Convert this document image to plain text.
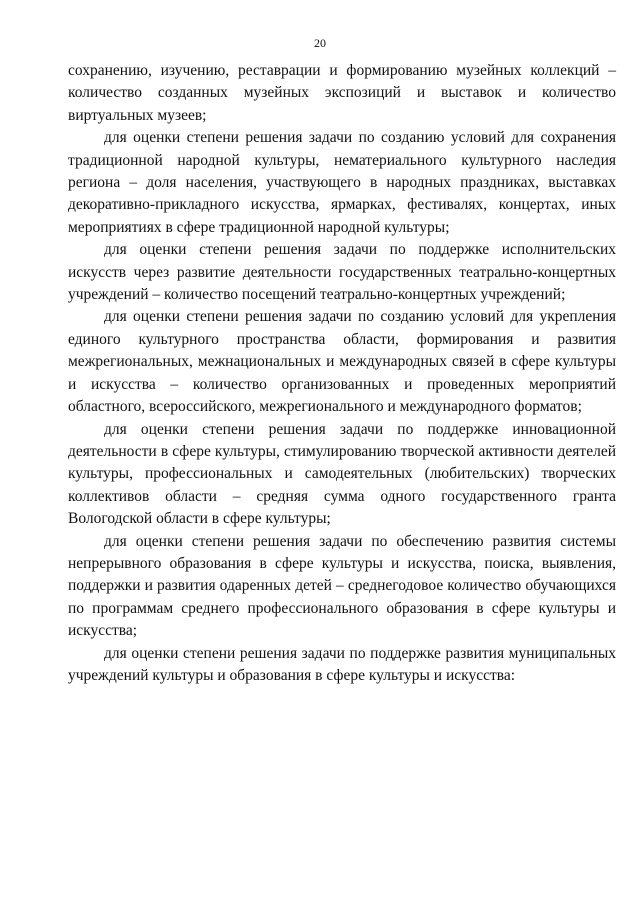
20

сохранению, изучению, реставрации и формированию музейных коллекций – количество созданных музейных экспозиций и выставок и количество виртуальных музеев;

для оценки степени решения задачи по созданию условий для сохранения традиционной народной культуры, нематериального культурного наследия региона – доля населения, участвующего в народных праздниках, выставках декоративно-прикладного искусства, ярмарках, фестивалях, концертах, иных мероприятиях в сфере традиционной народной культуры;

для оценки степени решения задачи по поддержке исполнительских искусств через развитие деятельности государственных театрально-концертных учреждений – количество посещений театрально-концертных учреждений;

для оценки степени решения задачи по созданию условий для укрепления единого культурного пространства области, формирования и развития межрегиональных, межнациональных и международных связей в сфере культуры и искусства – количество организованных и проведенных мероприятий областного, всероссийского, межрегионального и международного форматов;

для оценки степени решения задачи по поддержке инновационной деятельности в сфере культуры, стимулированию творческой активности деятелей культуры, профессиональных и самодеятельных (любительских) творческих коллективов области – средняя сумма одного государственного гранта Вологодской области в сфере культуры;

для оценки степени решения задачи по обеспечению развития системы непрерывного образования в сфере культуры и искусства, поиска, выявления, поддержки и развития одаренных детей – среднегодовое количество обучающихся по программам среднего профессионального образования в сфере культуры и искусства;

для оценки степени решения задачи по поддержке развития муниципальных учреждений культуры и образования в сфере культуры и искусства:
